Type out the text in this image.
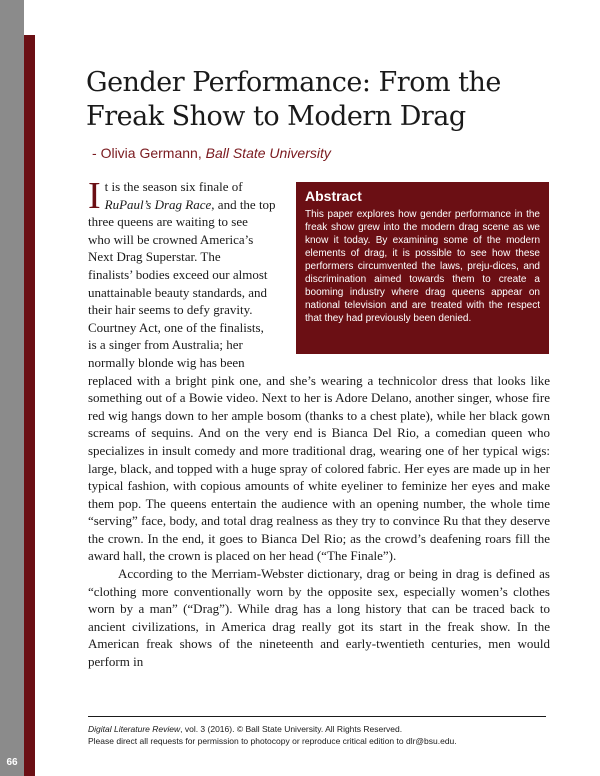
66
Gender Performance: From the
Freak Show to Modern Drag
- Olivia Germann, Ball State University
Abstract

This paper explores how gender performance in the freak show grew into the modern drag scene as we know it today. By examining some of the modern elements of drag, it is possible to see how these performers circumvented the laws, preju-dices, and discrimination aimed towards them to create a booming industry where drag queens appear on national television and are treated with the respect that they had previously been denied.

I t is the season six finale of
RuPaul’s Drag Race, and the top
three queens are waiting to see
who will be crowned America’s
Next Drag Superstar. The
finalists’ bodies exceed our almost
unattainable beauty standards, and
their hair seems to defy gravity.
Courtney Act, one of the finalists,
is a singer from Australia; her
normally blonde wig has been
replaced with a bright pink one, and she’s wearing a technicolor dress that looks like something out of a Bowie video. Next to her is Adore Delano, another singer, whose fire red wig hangs down to her ample bosom (thanks to a chest plate), while her black gown screams of sequins. And on the very end is Bianca Del Rio, a comedian queen who specializes in insult comedy and more traditional drag, wearing one of her typical wigs: large, black, and topped with a huge spray of colored fabric. Her eyes are made up in her typical fashion, with copious amounts of white eyeliner to feminize her eyes and make them pop. The queens entertain the audience with an opening number, the whole time “serving” face, body, and total drag realness as they try to convince Ru that they deserve the crown. In the end, it goes to Bianca Del Rio; as the crowd’s deafening roars fill the award hall, the crown is placed on her head (“The Finale”).

According to the Merriam-Webster dictionary, drag or being in drag is defined as “clothing more conventionally worn by the opposite sex, especially women’s clothes worn by a man” (“Drag”). While drag has a long history that can be traced back to ancient civilizations, in America drag really got its start in the freak show. In the American freak shows of the nineteenth and early-twentieth centuries, men would perform in

Digital Literature Review, vol. 3 (2016). © Ball State University. All Rights Reserved.
Please direct all requests for permission to photocopy or reproduce critical edition to dlr@bsu.edu.
